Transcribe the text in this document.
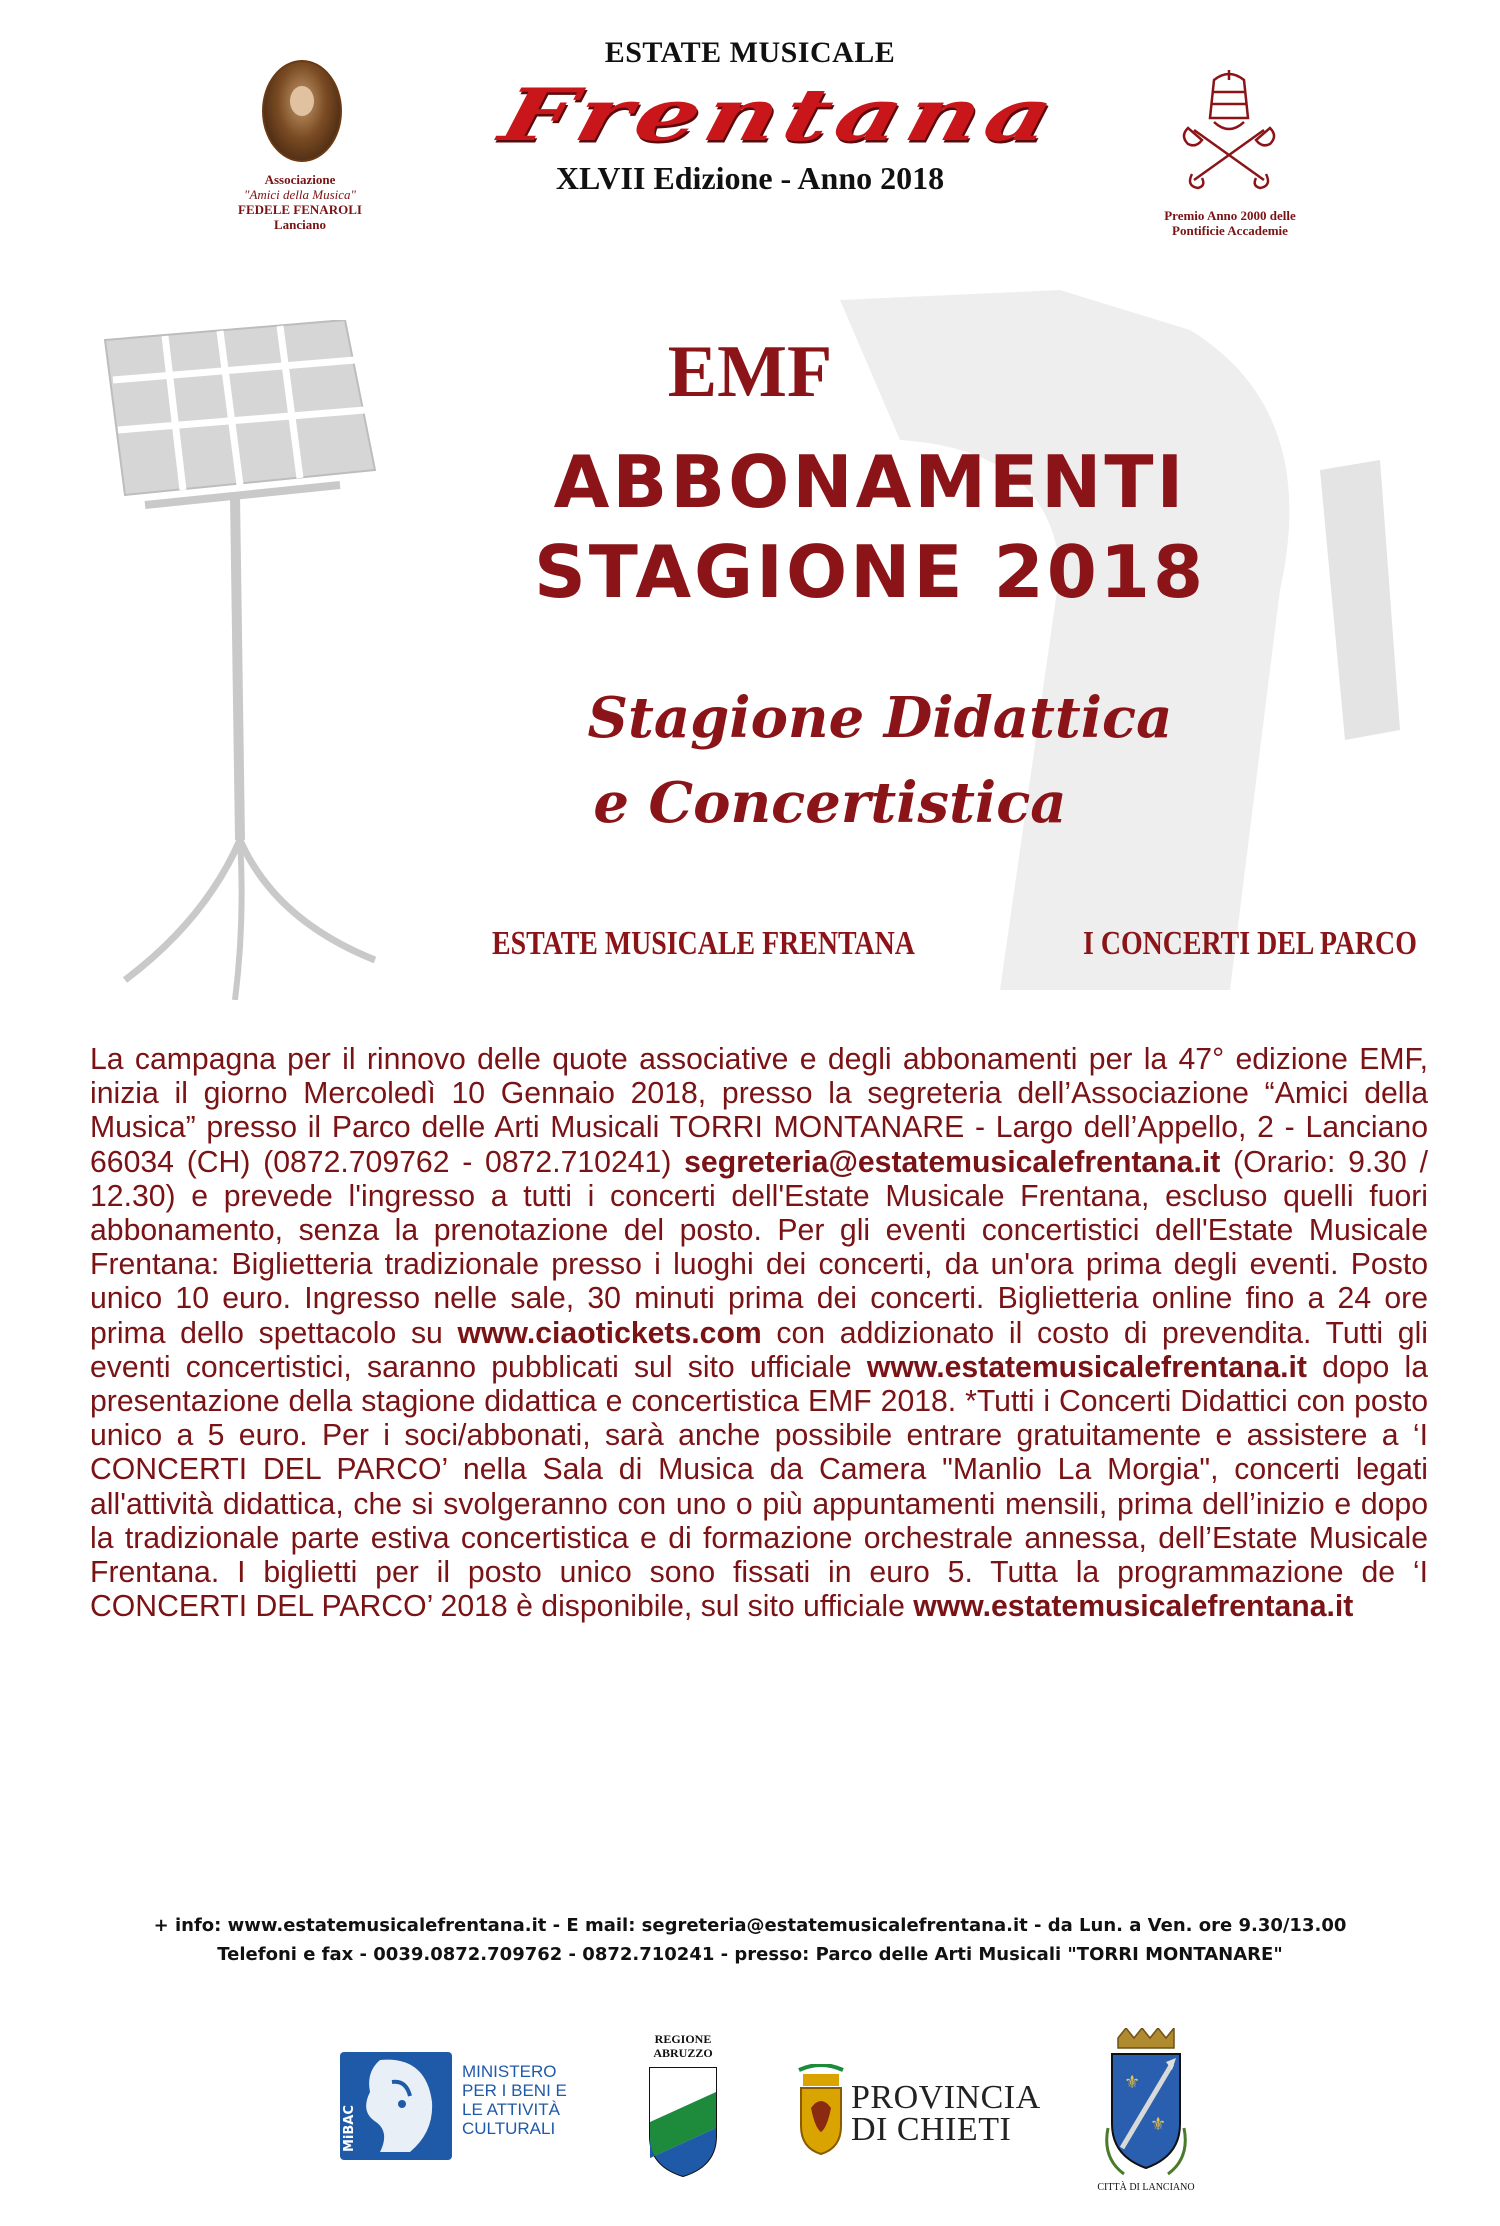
ESTATE MUSICALE
Frentana
XLVII Edizione - Anno 2018
Associazione
"Amici della Musica"
FEDELE FENAROLI
Lanciano
Premio Anno 2000 delle
Pontificie Accademie
EMF
ABBONAMENTI
STAGIONE 2018
Stagione Didattica
e Concertistica
ESTATE MUSICALE FRENTANA	I CONCERTI DEL PARCO
La campagna per il rinnovo delle quote associative e degli abbonamenti per la 47° edizione EMF, inizia il giorno Mercoledì 10 Gennaio 2018, presso la segreteria dell’Associazione “Amici della Musica” presso il Parco delle Arti Musicali TORRI MONTANARE - Largo dell’Appello, 2 - Lanciano 66034 (CH) (0872.709762 - 0872.710241) segreteria@estatemusicalefrentana.it (Orario: 9.30 / 12.30) e prevede l'ingresso a tutti i concerti dell'Estate Musicale Frentana, escluso quelli fuori abbonamento, senza la prenotazione del posto. Per gli eventi concertistici dell'Estate Musicale Frentana: Biglietteria tradizionale presso i luoghi dei concerti, da un'ora prima degli eventi. Posto unico 10 euro. Ingresso nelle sale, 30 minuti prima dei concerti. Biglietteria online fino a 24 ore prima dello spettacolo su www.ciaotickets.com con addizionato il costo di prevendita. Tutti gli eventi concertistici, saranno pubblicati sul sito ufficiale www.estatemusicalefrentana.it dopo la presentazione della stagione didattica e concertistica EMF 2018. *Tutti i Concerti Didattici con posto unico a 5 euro. Per i soci/abbonati, sarà anche possibile entrare gratuitamente e assistere a ‘I CONCERTI DEL PARCO’ nella Sala di Musica da Camera "Manlio La Morgia", concerti legati all'attività didattica, che si svolgeranno con uno o più appuntamenti mensili, prima dell’inizio e dopo la tradizionale parte estiva concertistica e di formazione orchestrale annessa, dell’Estate Musicale Frentana. I biglietti per il posto unico sono fissati in euro 5. Tutta la programmazione de ‘I CONCERTI DEL PARCO’ 2018 è disponibile, sul sito ufficiale www.estatemusicalefrentana.it
+ info: www.estatemusicalefrentana.it - E mail: segreteria@estatemusicalefrentana.it - da Lun. a Ven. ore 9.30/13.00
Telefoni e fax - 0039.0872.709762 - 0872.710241 - presso: Parco delle Arti Musicali "TORRI MONTANARE"
MiBAC
MINISTERO
PER I BENI E
LE ATTIVITÀ
CULTURALI
REGIONE
ABRUZZO
PROVINCIA
DI CHIETI
⚜
⚜
CITTÀ DI LANCIANO
